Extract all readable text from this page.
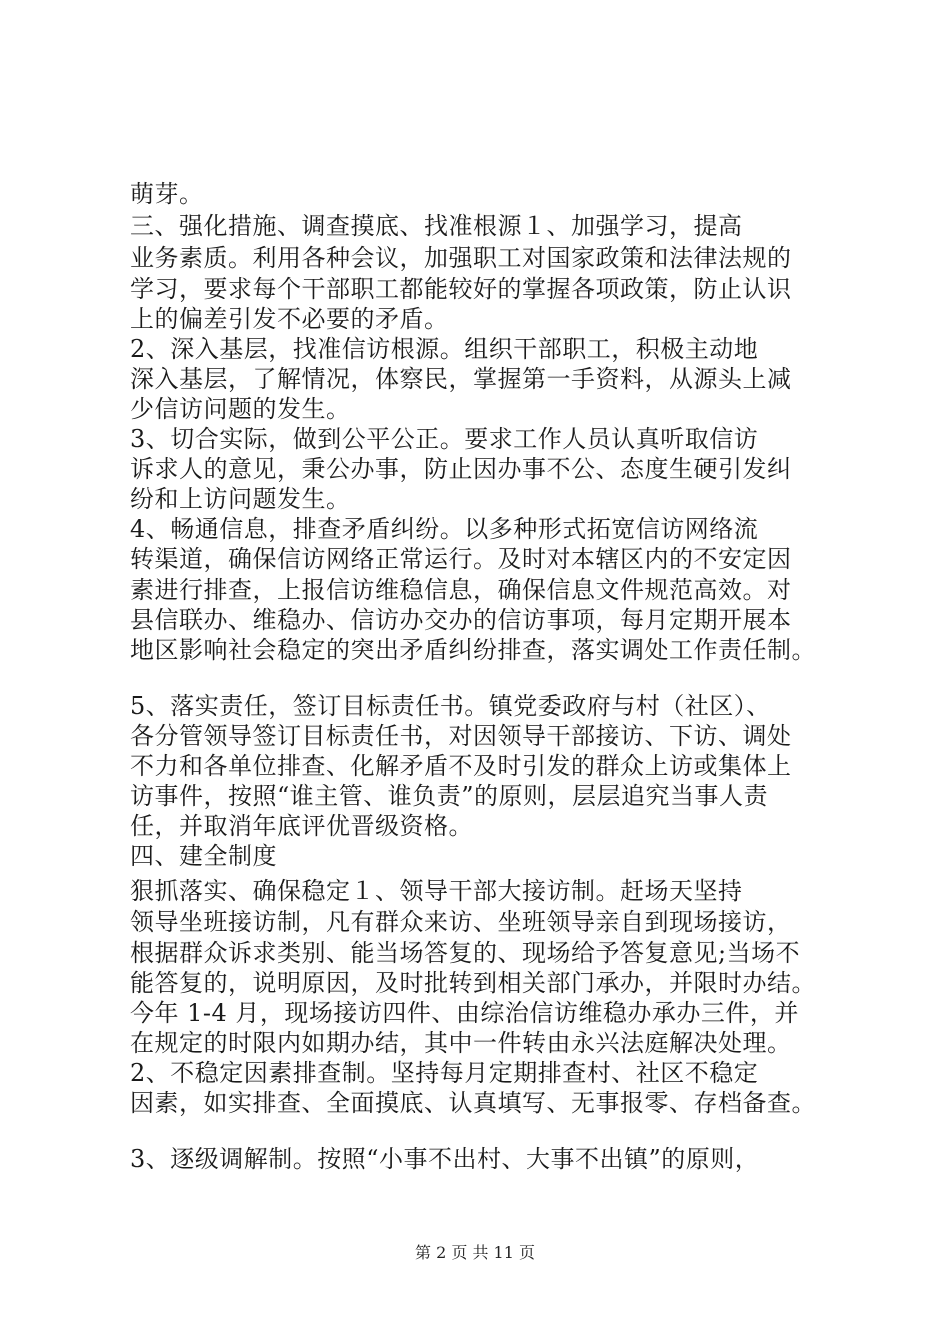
萌芽。
三、强化措施、调查摸底、找准根源１、加强学习，提高
业务素质。利用各种会议，加强职工对国家政策和法律法规的
学习，要求每个干部职工都能较好的掌握各项政策，防止认识
上的偏差引发不必要的矛盾。
2、深入基层，找准信访根源。组织干部职工，积极主动地
深入基层，了解情况，体察民，掌握第一手资料，从源头上减
少信访问题的发生。
3、切合实际，做到公平公正。要求工作人员认真听取信访
诉求人的意见，秉公办事，防止因办事不公、态度生硬引发纠
纷和上访问题发生。
4、畅通信息，排查矛盾纠纷。以多种形式拓宽信访网络流
转渠道，确保信访网络正常运行。及时对本辖区内的不安定因
素进行排查，上报信访维稳信息，确保信息文件规范高效。对
县信联办、维稳办、信访办交办的信访事项，每月定期开展本
地区影响社会稳定的突出矛盾纠纷排查，落实调处工作责任制。
5、落实责任，签订目标责任书。镇党委政府与村（社区）、
各分管领导签订目标责任书，对因领导干部接访、下访、调处
不力和各单位排查、化解矛盾不及时引发的群众上访或集体上
访事件，按照“谁主管、谁负责”的原则，层层追究当事人责
任，并取消年底评优晋级资格。
四、建全制度
狠抓落实、确保稳定１、领导干部大接访制。赶场天坚持
领导坐班接访制，凡有群众来访、坐班领导亲自到现场接访，
根据群众诉求类别、能当场答复的、现场给予答复意见;当场不
能答复的，说明原因，及时批转到相关部门承办，并限时办结。
今年 1-4 月，现场接访四件、由综治信访维稳办承办三件，并
在规定的时限内如期办结，其中一件转由永兴法庭解决处理。
2、不稳定因素排查制。坚持每月定期排查村、社区不稳定
因素，如实排查、全面摸底、认真填写、无事报零、存档备查。
3、逐级调解制。按照“小事不出村、大事不出镇”的原则，
第 2 页 共 11 页
